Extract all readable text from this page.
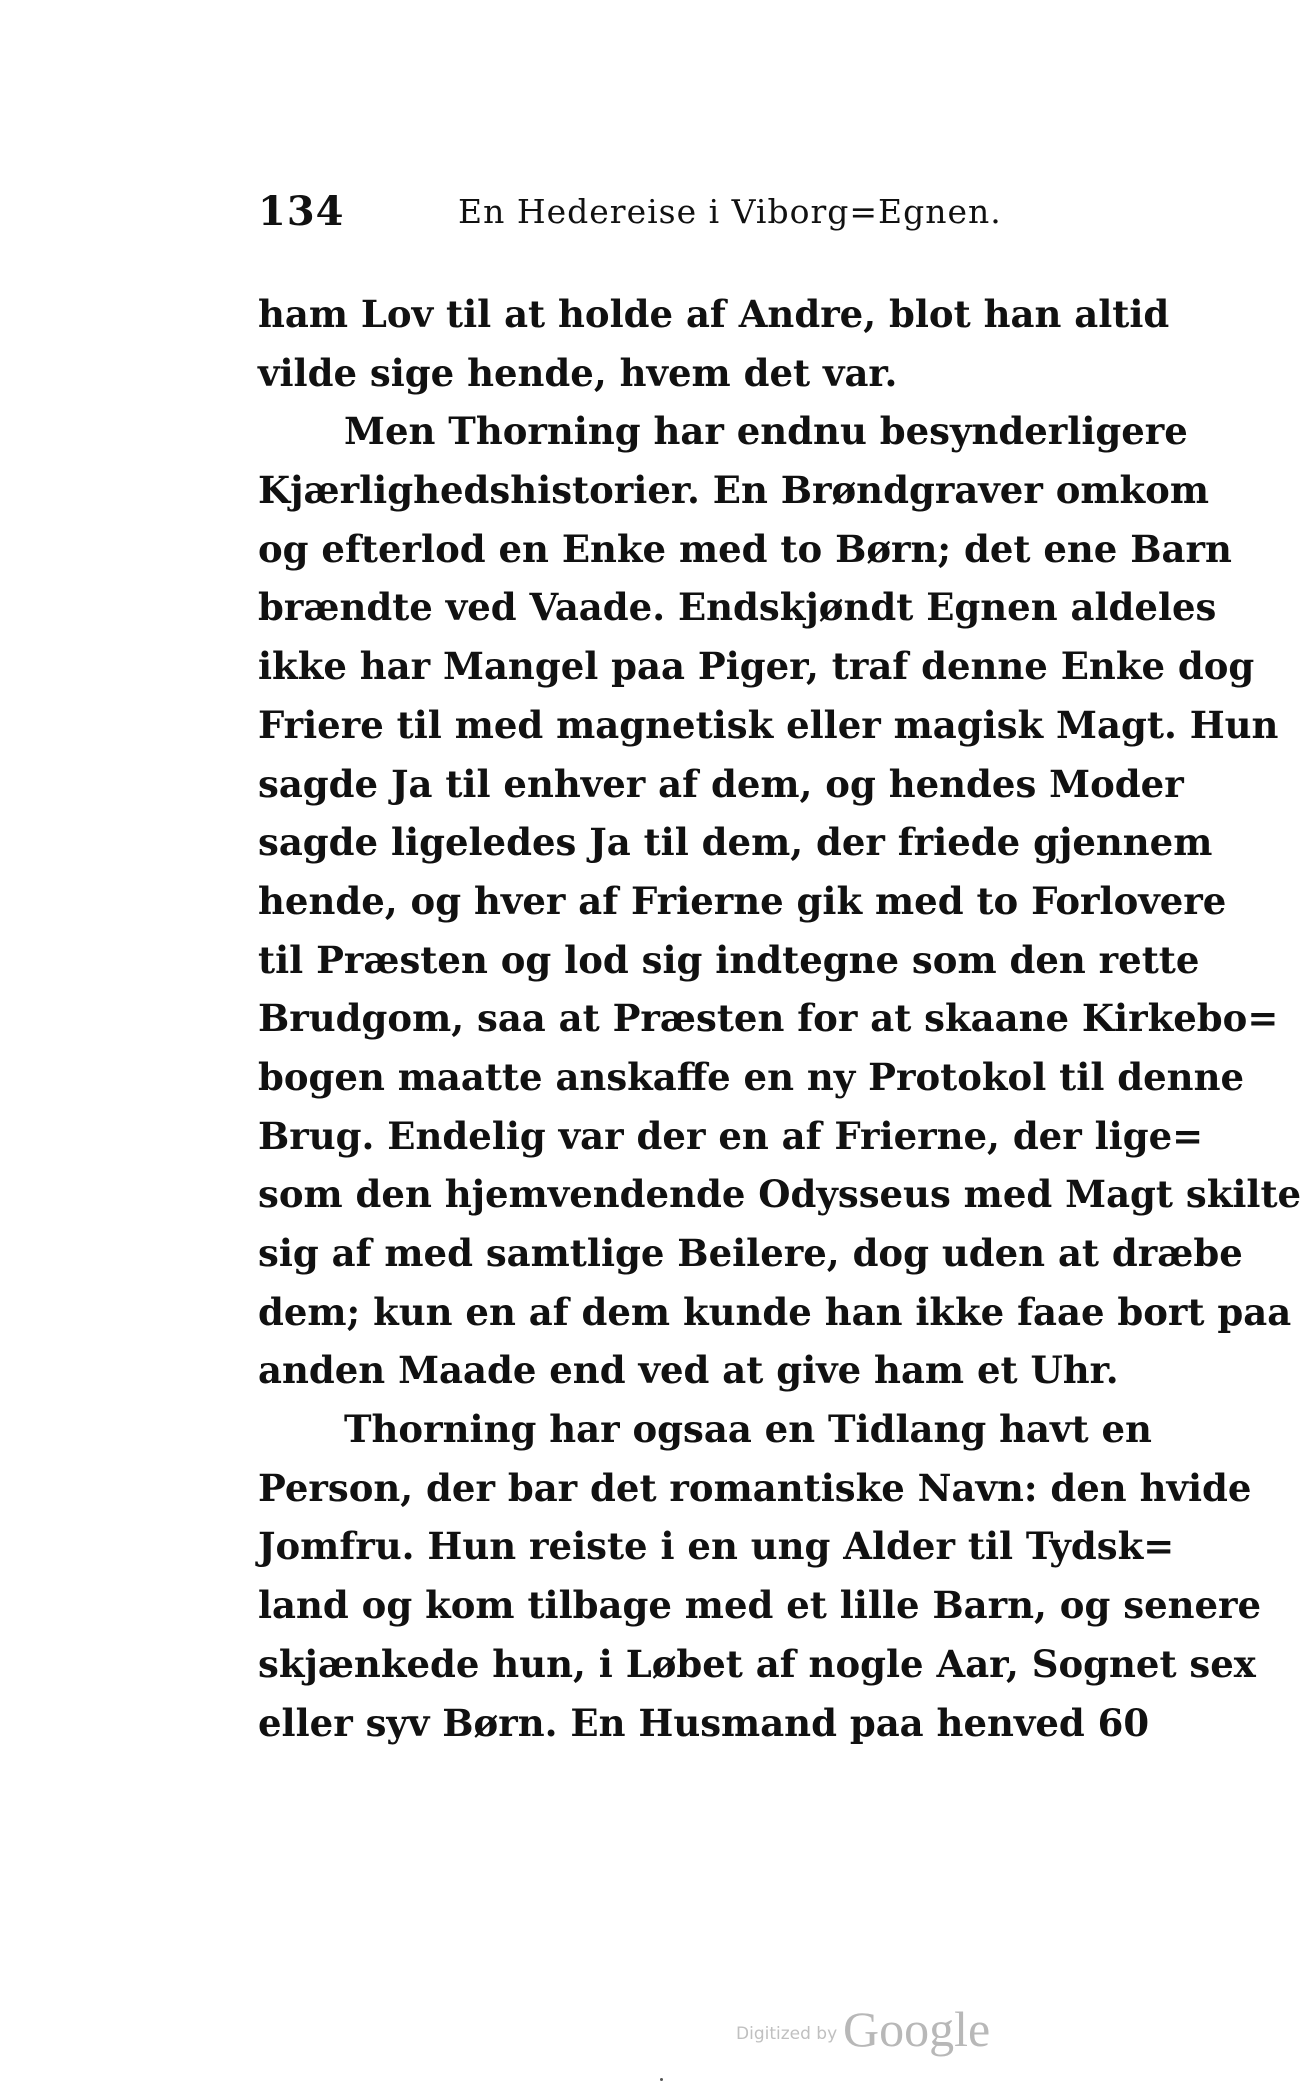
134	En Hedereise i Viborg=Egnen.
ham Lov til at holde af Andre, blot han altid
vilde sige hende, hvem det var.
Men Thorning har endnu besynderligere
Kjærlighedshistorier. En Brøndgraver omkom
og efterlod en Enke med to Børn; det ene Barn
brændte ved Vaade. Endskjøndt Egnen aldeles
ikke har Mangel paa Piger, traf denne Enke dog
Friere til med magnetisk eller magisk Magt. Hun
sagde Ja til enhver af dem, og hendes Moder
sagde ligeledes Ja til dem, der friede gjennem
hende, og hver af Frierne gik med to Forlovere
til Præsten og lod sig indtegne som den rette
Brudgom, saa at Præsten for at skaane Kirkebo=
bogen maatte anskaffe en ny Protokol til denne
Brug. Endelig var der en af Frierne, der lige=
som den hjemvendende Odysseus med Magt skilte
sig af med samtlige Beilere, dog uden at dræbe
dem; kun en af dem kunde han ikke faae bort paa
anden Maade end ved at give ham et Uhr.
Thorning har ogsaa en Tidlang havt en
Person, der bar det romantiske Navn: den hvide
Jomfru. Hun reiste i en ung Alder til Tydsk=
land og kom tilbage med et lille Barn, og senere
skjænkede hun, i Løbet af nogle Aar, Sognet sex
eller syv Børn. En Husmand paa henved 60
Digitized by Google
